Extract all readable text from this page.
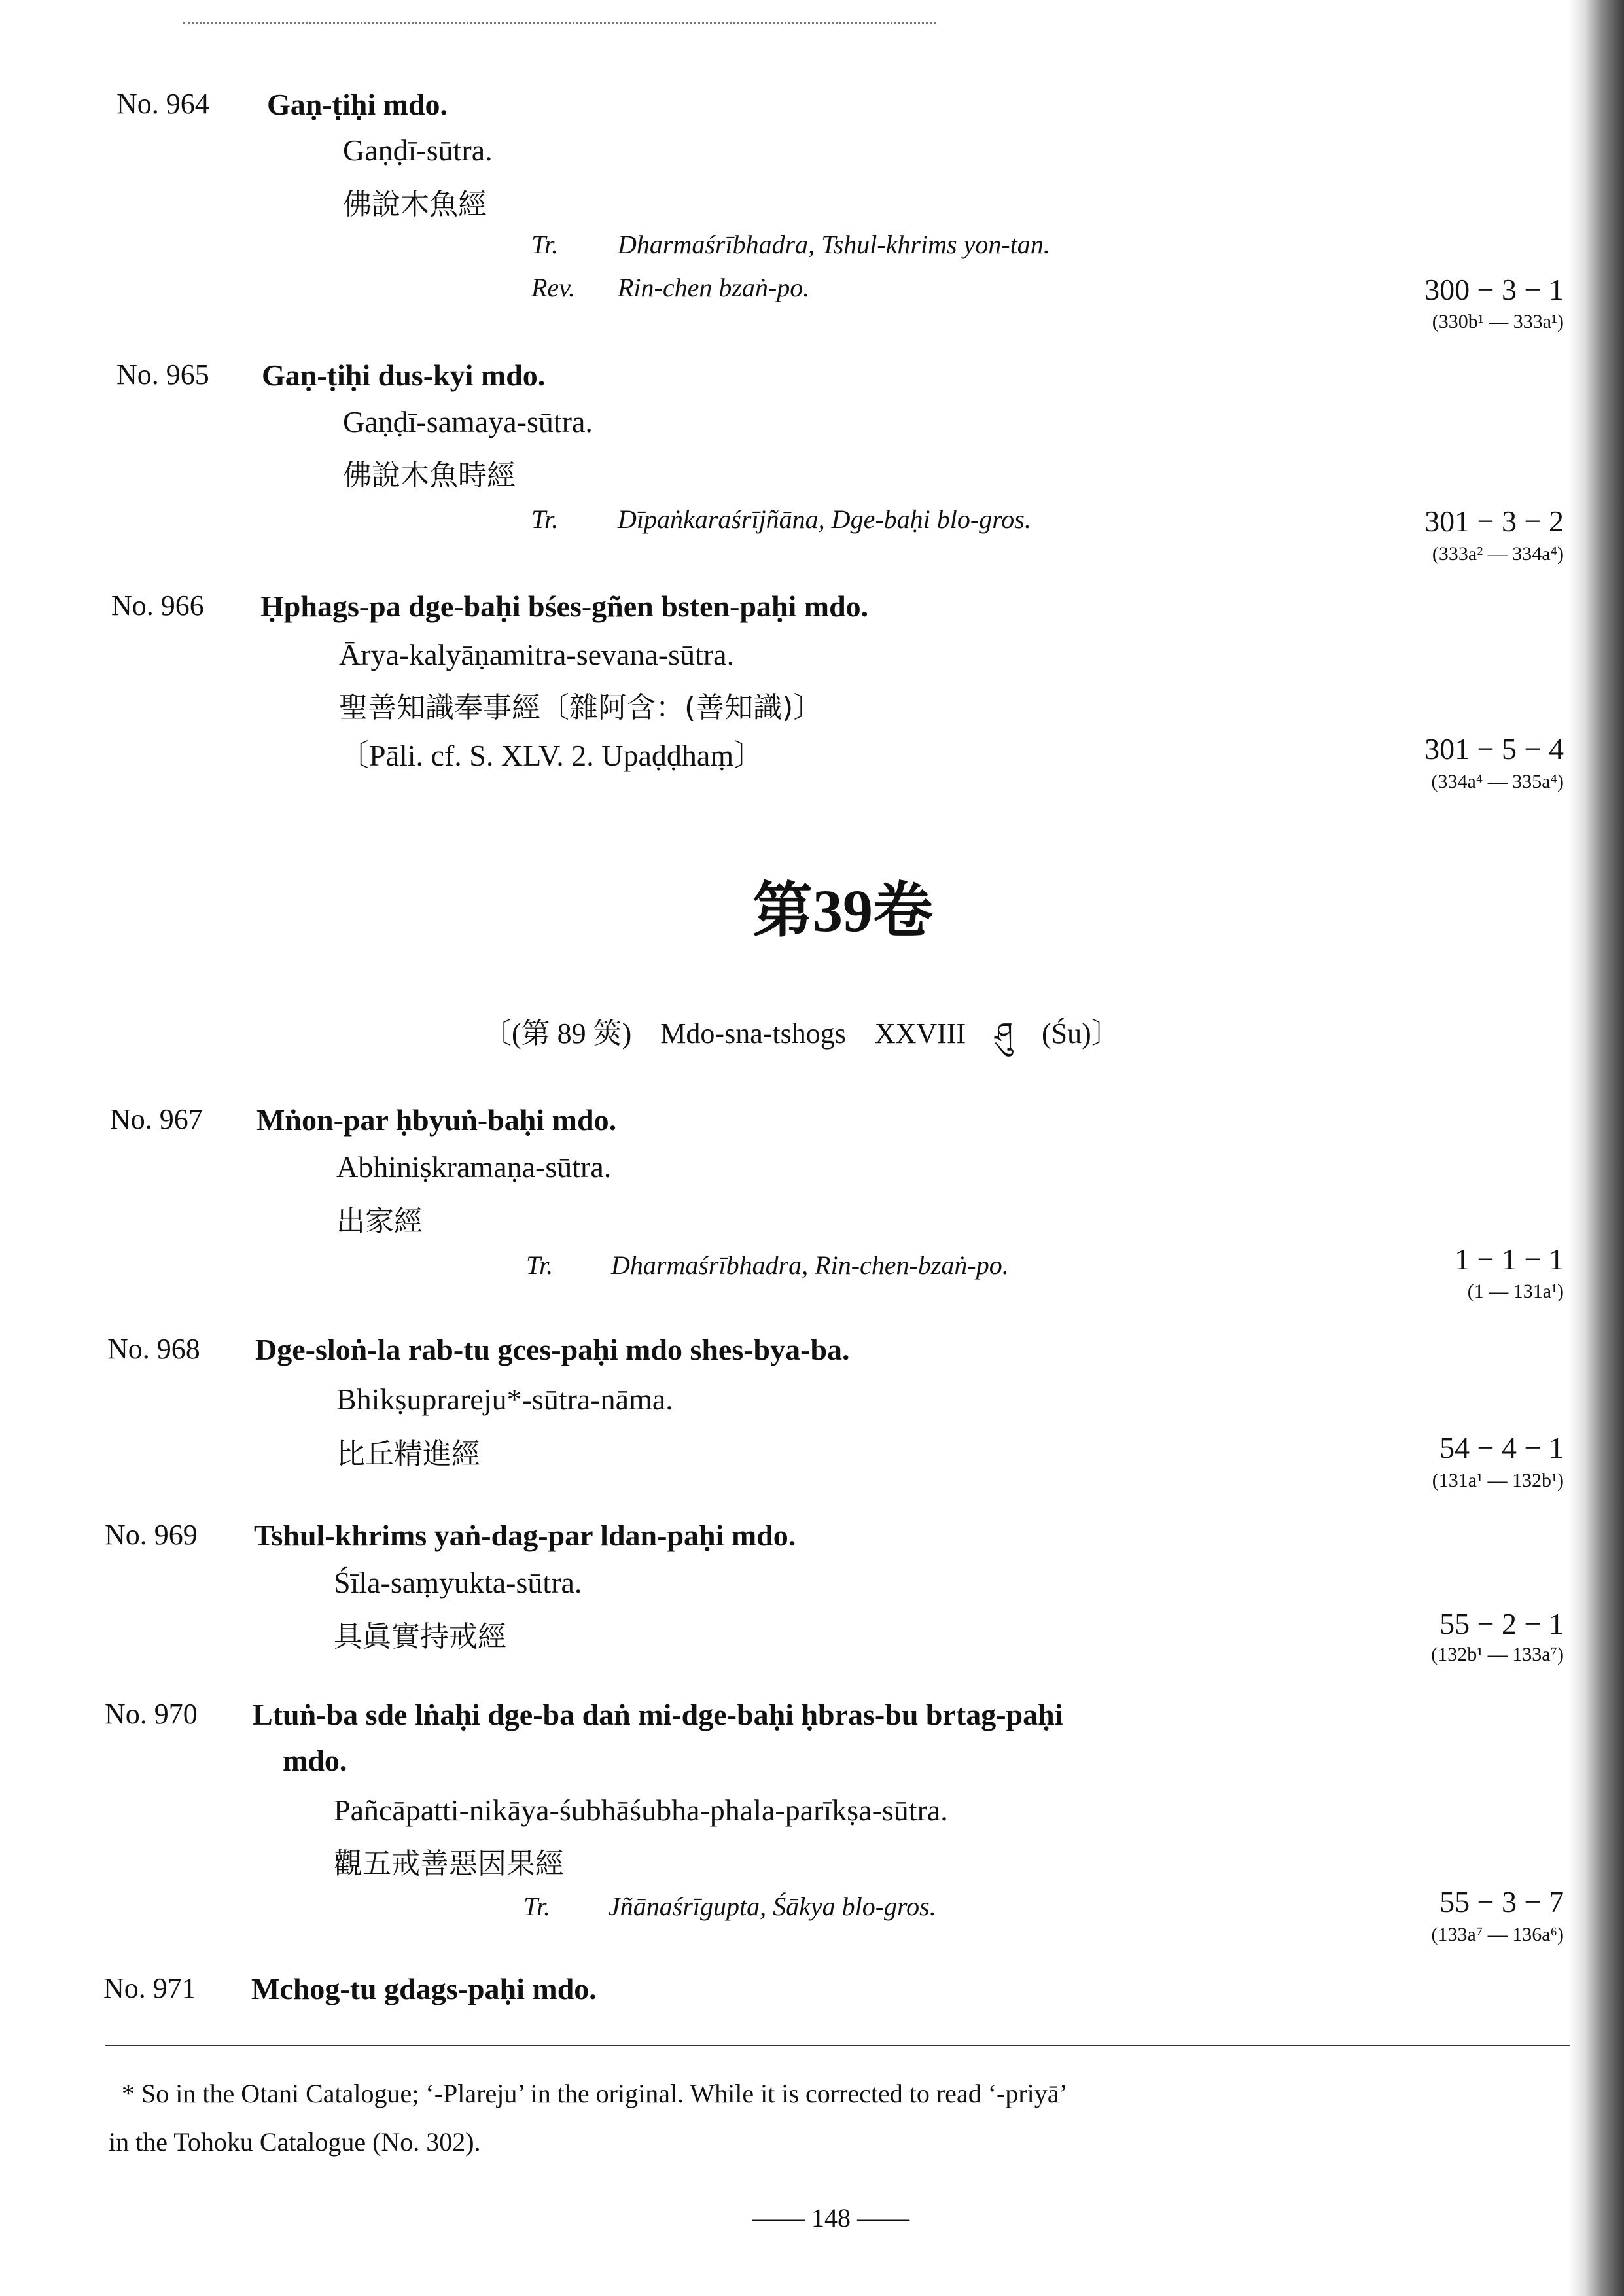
No. 964 Gaṇ-ṭiḥi mdo.
Gaṇḍī-sūtra.
佛說木魚經
Tr. Dharmaśrībhadra, Tshul-khrims yon-tan.
Rev. Rin-chen bzaṅ-po.	300 − 3 − 1
(330b¹ — 333a¹)
No. 965 Gaṇ-ṭiḥi dus-kyi mdo.
Gaṇḍī-samaya-sūtra.
佛說木魚時經
Tr. Dīpaṅkaraśrījñāna, Dge-baḥi blo-gros.	301 − 3 − 2
(333a² — 334a⁴)
No. 966 Ḥphags-pa dge-baḥi bśes-gñen bsten-paḥi mdo.
Ārya-kalyāṇamitra-sevana-sūtra.
聖善知識奉事經〔雜阿含：(善知識)〕
〔Pāli. cf. S. XLV. 2. Upaḍḍhaṃ〕	301 − 5 − 4
(334a⁴ — 335a⁴)
第39卷
〔(第 89 筴)　Mdo-sna-tshogs　XXVIII　ཤུ　(Śu)〕
No. 967 Mṅon-par ḥbyuṅ-baḥi mdo.
Abhiniṣkramaṇa-sūtra.
出家經
Tr. Dharmaśrībhadra, Rin-chen-bzaṅ-po.	1 − 1 − 1
(1 — 131a¹)
No. 968 Dge-sloṅ-la rab-tu gces-paḥi mdo shes-bya-ba.
Bhikṣuprareju*-sūtra-nāma.
比丘精進經	54 − 4 − 1
(131a¹ — 132b¹)
No. 969 Tshul-khrims yaṅ-dag-par ldan-paḥi mdo.
Śīla-saṃyukta-sūtra.
具眞實持戒經	55 − 2 − 1
(132b¹ — 133a⁷)
No. 970 Ltuṅ-ba sde lṅaḥi dge-ba daṅ mi-dge-baḥi ḥbras-bu brtag-paḥi
mdo.
Pañcāpatti-nikāya-śubhāśubha-phala-parīkṣa-sūtra.
觀五戒善惡因果經
Tr. Jñānaśrīgupta, Śākya blo-gros.	55 − 3 − 7
(133a⁷ — 136a⁶)
No. 971 Mchog-tu gdags-paḥi mdo.
* So in the Otani Catalogue; ‘-Plareju’ in the original. While it is corrected to read ‘-priyā’
in the Tohoku Catalogue (No. 302).
—— 148 ——
